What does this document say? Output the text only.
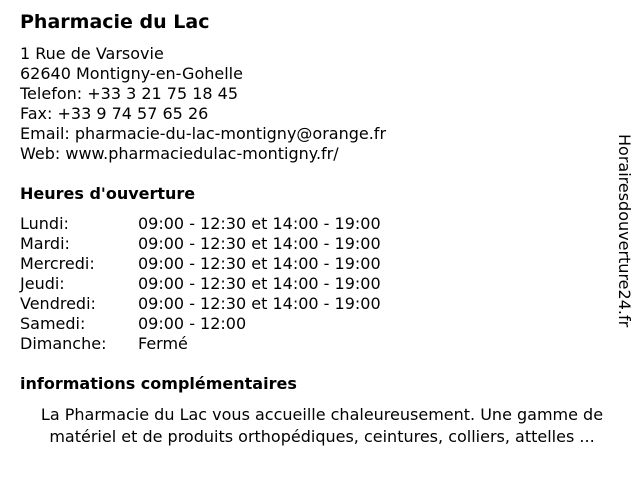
Pharmacie du Lac
1 Rue de Varsovie
62640 Montigny-en-Gohelle
Telefon: +33 3 21 75 18 45
Fax: +33 9 74 57 65 26
Email: pharmacie-du-lac-montigny@orange.fr
Web: www.pharmaciedulac-montigny.fr/
Heures d'ouverture
Lundi:	09:00 - 12:30 et 14:00 - 19:00
Mardi:	09:00 - 12:30 et 14:00 - 19:00
Mercredi:	09:00 - 12:30 et 14:00 - 19:00
Jeudi:	09:00 - 12:30 et 14:00 - 19:00
Vendredi:	09:00 - 12:30 et 14:00 - 19:00
Samedi:	09:00 - 12:00
Dimanche: Fermé
informations complémentaires
La Pharmacie du Lac vous accueille chaleureusement. Une gamme de matériel et de produits orthopédiques, ceintures, colliers, attelles ...
Horairesdouverture24.fr
